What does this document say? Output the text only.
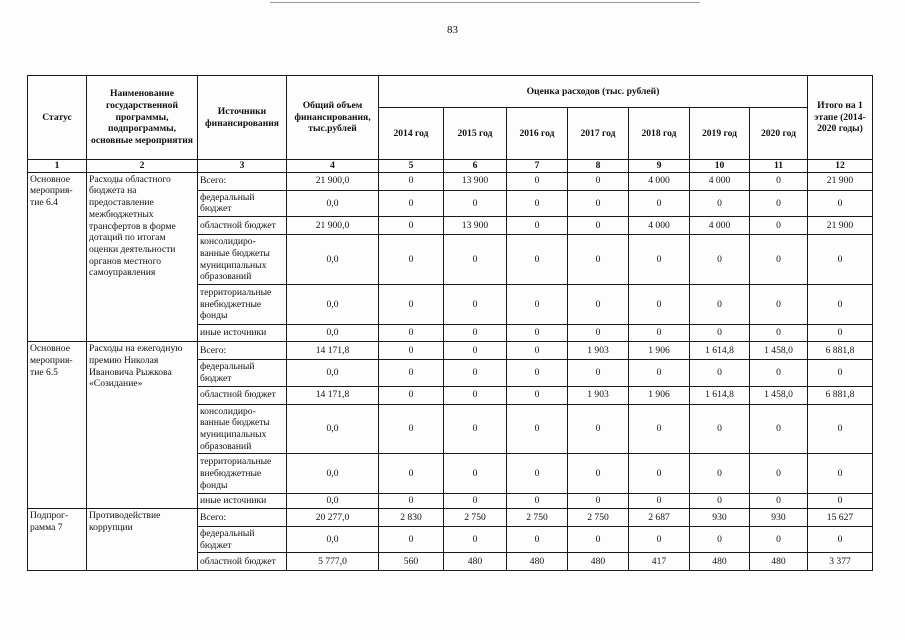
83
Статус	Наименование государственной программы, подпрограммы, основные мероприятия	Источники финансирования	Общий объем финансирования, тыс.рублей	Оценка расходов (тыс. рублей)							Итого на 1 этапе (2014-2020 годы)
				2014 год	2015 год	2016 год	2017 год	2018 год	2019 год	2020 год	
1	2	3	4	5	6	7	8	9	10	11	12
Основное мероприя-тие 6.4	Расходы областного бюджета на предоставление межбюджетных трансфертов в форме дотаций по итогам оценки деятельности органов местного самоуправления	Всего:	21 900,0	0	13 900	0	0	4 000	4 000	0	21 900
		федеральный бюджет	0,0	0	0	0	0	0	0	0	0
		областной бюджет	21 900,0	0	13 900	0	0	4 000	4 000	0	21 900
		консолидиро-ванные бюджеты муниципальных образований	0,0	0	0	0	0	0	0	0	0
		территориальные внебюджетные фонды	0,0	0	0	0	0	0	0	0	0
		иные источники	0,0	0	0	0	0	0	0	0	0
Основное мероприя-тие 6.5	Расходы на ежегодную премию Николая Ивановича Рыжкова «Созидание»	Всего:	14 171,8	0	0	0	1 903	1 906	1 614,8	1 458,0	6 881,8
		федеральный бюджет	0,0	0	0	0	0	0	0	0	0
		областной бюджет	14 171,8	0	0	0	1 903	1 906	1 614,8	1 458,0	6 881,8
		консолидиро-ванные бюджеты муниципальных образований	0,0	0	0	0	0	0	0	0	0
		территориальные внебюджетные фонды	0,0	0	0	0	0	0	0	0	0
		иные источники	0,0	0	0	0	0	0	0	0	0
Подпрог-рамма 7	Противодействие коррупции	Всего:	20 277,0	2 830	2 750	2 750	2 750	2 687	930	930	15 627
		федеральный бюджет	0,0	0	0	0	0	0	0	0	0
		областной бюджет	5 777,0	560	480	480	480	417	480	480	3 377
